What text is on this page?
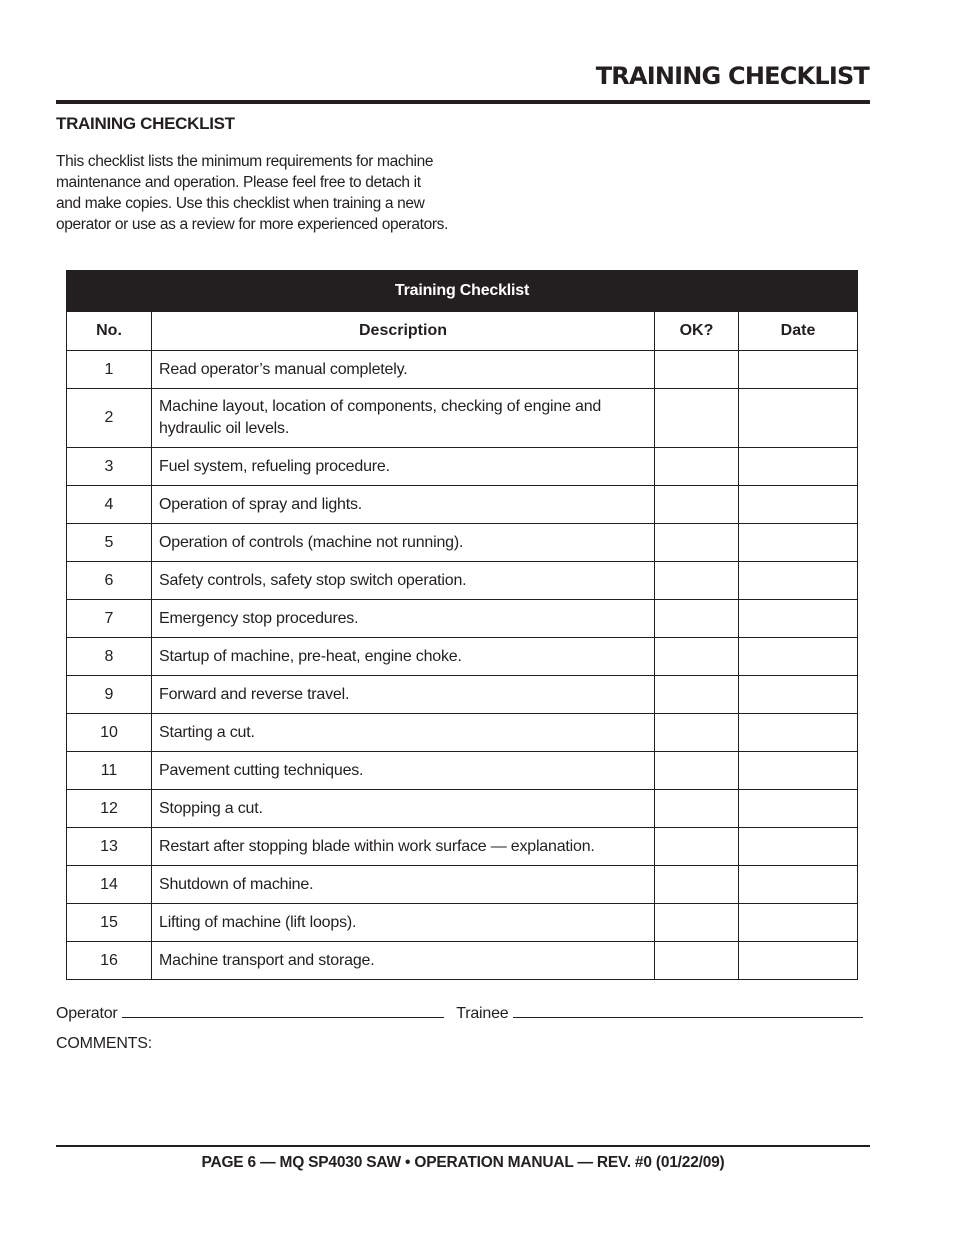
TRAINING CHECKLIST
TRAINING CHECKLIST
This checklist lists the minimum requirements for machine
maintenance and operation. Please feel free to detach it
and make copies. Use this checklist when training a new
operator or use as a review for more experienced operators.
Training Checklist			
No.	Description	OK?	Date
1	Read operator’s manual completely.		
2	Machine layout, location of components, checking of engine and hydraulic oil levels.		
3	Fuel system, refueling procedure.		
4	Operation of spray and lights.		
5	Operation of controls (machine not running).		
6	Safety controls, safety stop switch operation.		
7	Emergency stop procedures.		
8	Startup of machine, pre-heat, engine choke.		
9	Forward and reverse travel.		
10	Starting a cut.		
11	Pavement cutting techniques.		
12	Stopping a cut.		
13	Restart after stopping blade within work surface — explanation.		
14	Shutdown of machine.		
15	Lifting of machine (lift loops).		
16	Machine transport and storage.		
Operator	Trainee
COMMENTS:
PAGE 6 — MQ SP4030 SAW • OPERATION MANUAL — REV. #0 (01/22/09)
